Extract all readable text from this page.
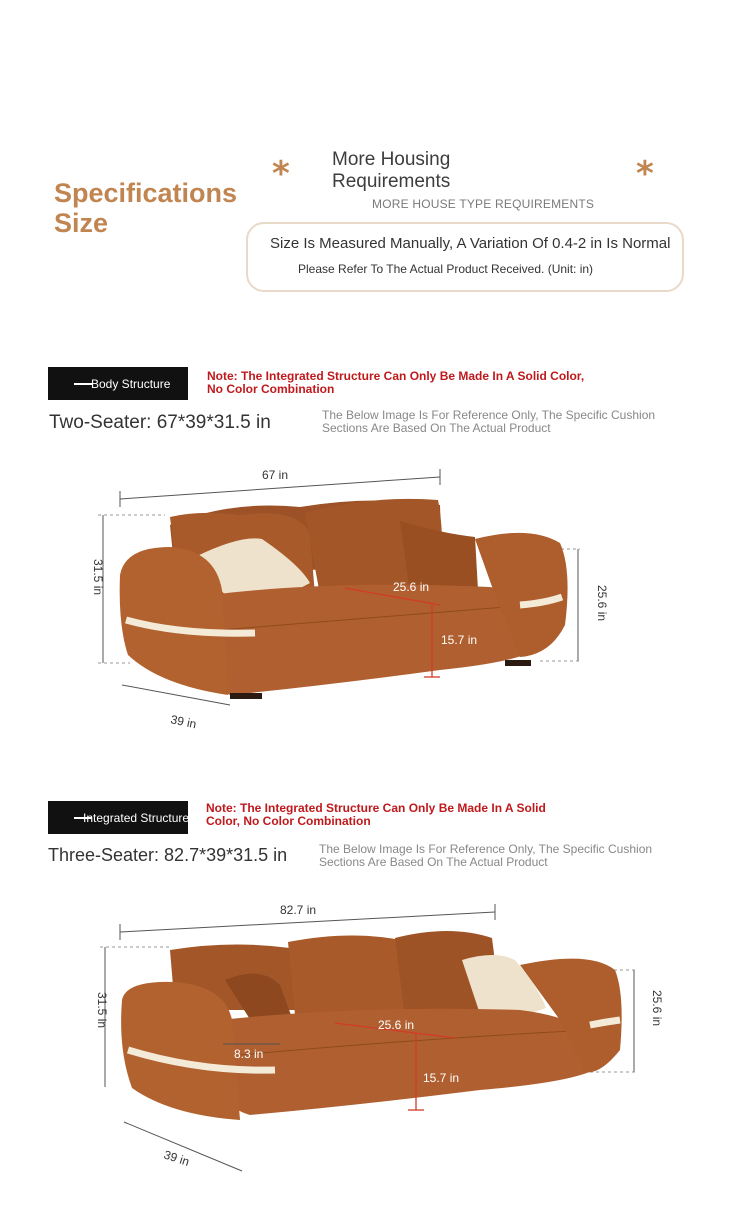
Specifications
Size
*	*
More Housing
Requirements
MORE HOUSE TYPE REQUIREMENTS
Size Is Measured Manually, A Variation Of 0.4-2 in Is Normal
Please Refer To The Actual Product Received. (Unit: in)
Body Structure
Note: The Integrated Structure Can Only Be Made In A Solid Color,
No Color Combination
Two-Seater: 67*39*31.5 in	The Below Image Is For Reference Only, The Specific Cushion
Sections Are Based On The Actual Product
67 in
31.5 in
39 in
25.6 in
25.6 in
15.7 in
Integrated Structure
Note: The Integrated Structure Can Only Be Made In A Solid
Color, No Color Combination
Three-Seater: 82.7*39*31.5 in	The Below Image Is For Reference Only, The Specific Cushion
Sections Are Based On The Actual Product
82.7 in
31.5 in
39 in
25.6 in
8.3 in
25.6 in
15.7 in
